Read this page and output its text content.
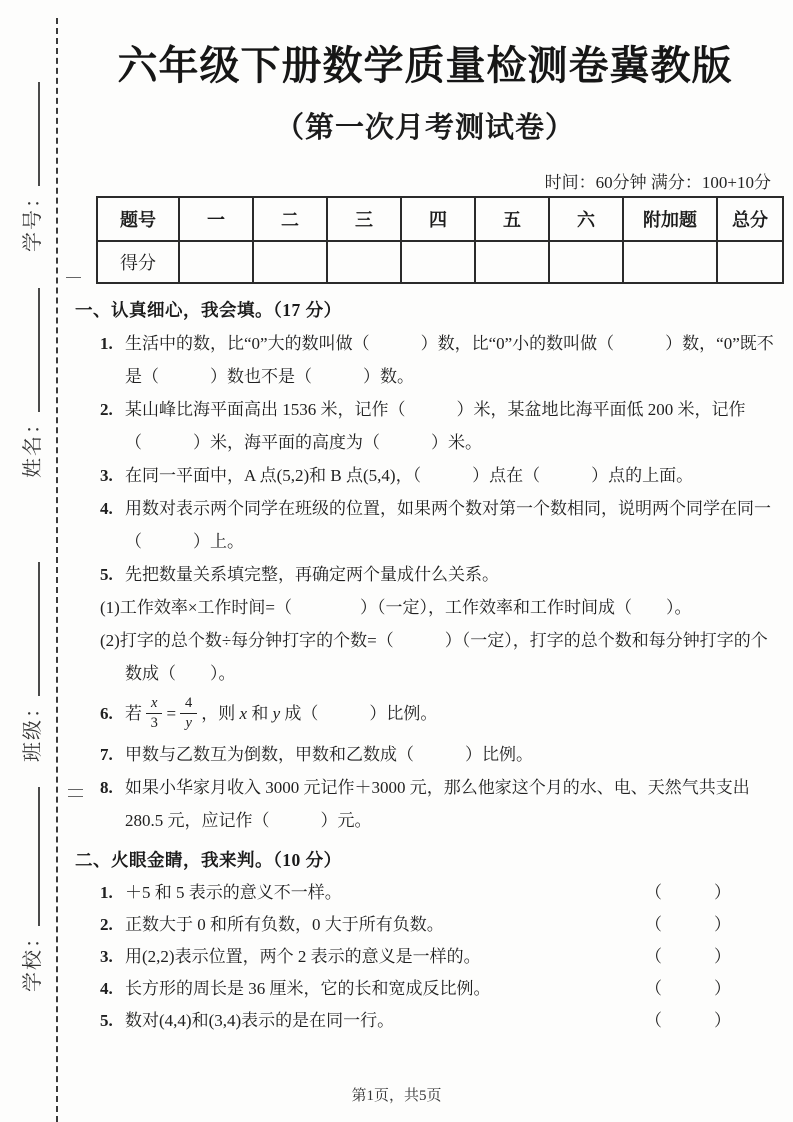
学号：
姓名：
班级：
学校：
六年级下册数学质量检测卷冀教版
（第一次月考测试卷）
时间：60分钟 满分：100+10分
题号	一	二	三	四	五	六	附加题	总分
得分								
一、认真细心，我会填。（17 分）
1. 生活中的数，比“0”大的数叫做（　　　）数，比“0”小的数叫做（　　　）数，“0”既不是（　　　）数也不是（　　　）数。
2. 某山峰比海平面高出 1536 米，记作（　　　）米，某盆地比海平面低 200 米，记作（　　　）米，海平面的高度为（　　　）米。
3. 在同一平面中，A 点(5,2)和 B 点(5,4)，（　　　）点在（　　　）点的上面。
4. 用数对表示两个同学在班级的位置，如果两个数对第一个数相同，说明两个同学在同一（　　　）上。
5. 先把数量关系填完整，再确定两个量成什么关系。
(1)工作效率×工作时间=（　　　　）（一定），工作效率和工作时间成（　　）。
(2)打字的总个数÷每分钟打字的个数=（　　　）（一定），打字的总个数和每分钟打字的个数成（　　）。
6. 若 $\frac{x}{3} = \frac{4}{y}$ ，则 x 和 y 成（　　　）比例。
7. 甲数与乙数互为倒数，甲数和乙数成（　　　）比例。
8. 如果小华家月收入 3000 元记作＋3000 元，那么他家这个月的水、电、天然气共支出 280.5 元，应记作（　　　）元。
二、火眼金睛，我来判。（10 分）
1. ＋5 和 5 表示的意义不一样。	（　　）
2. 正数大于 0 和所有负数，0 大于所有负数。	（　　）
3. 用(2,2)表示位置，两个 2 表示的意义是一样的。	（　　）
4. 长方形的周长是 36 厘米，它的长和宽成反比例。	（　　）
5. 数对(4,4)和(3,4)表示的是在同一行。	（　　）
第1页，共5页
